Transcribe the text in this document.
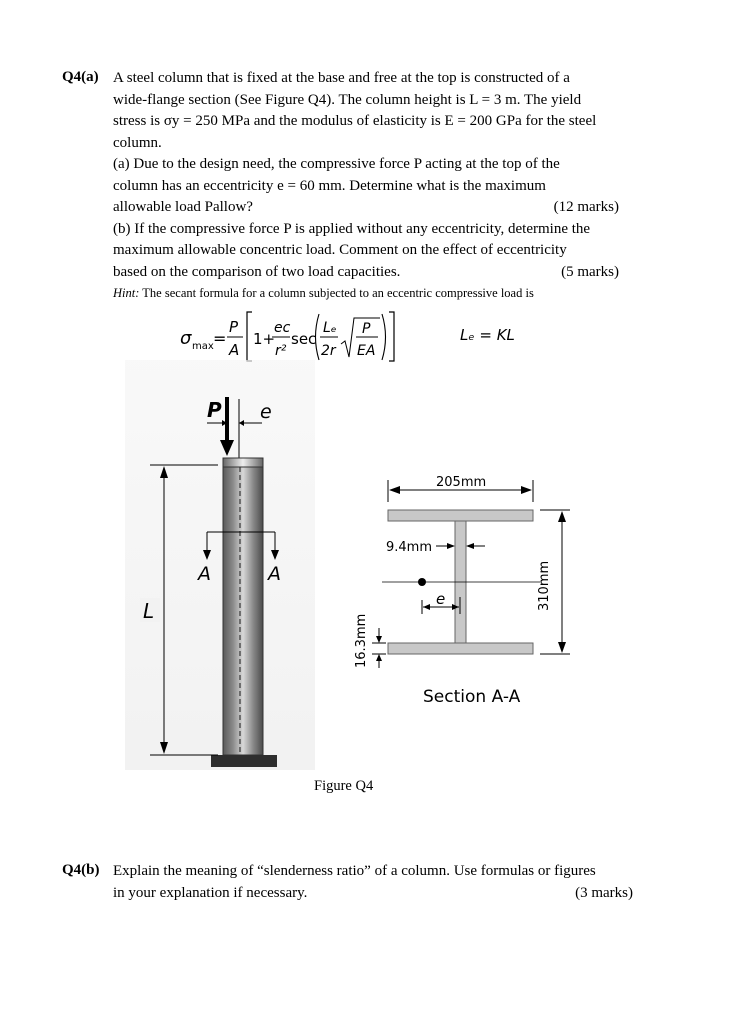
Q4(a) A steel column that is fixed at the base and free at the top is constructed of a
wide-flange section (See Figure Q4). The column height is L = 3 m. The yield
stress is σy = 250 MPa and the modulus of elasticity is E = 200 GPa for the steel
column.
(a) Due to the design need, the compressive force P acting at the top of the
column has an eccentricity e = 60 mm. Determine what is the maximum
allowable load Pallow?	(12 marks)
(b) If the compressive force P is applied without any eccentricity, determine the
maximum allowable concentric load. Comment on the effect of eccentricity
based on the comparison of two load capacities.	(5 marks)
Hint: The secant formula for a column subjected to an eccentric compressive load is
σ max =
P
A
1+
ec
r²
sec
Lₑ
2r
P
EA
Lₑ = KL
P e
L
A	A
205mm
9.4mm
310mm
16.3mm
e
Section A-A
Figure Q4
Q4(b) Explain the meaning of “slenderness ratio” of a column. Use formulas or figures
in your explanation if necessary.	(3 marks)
